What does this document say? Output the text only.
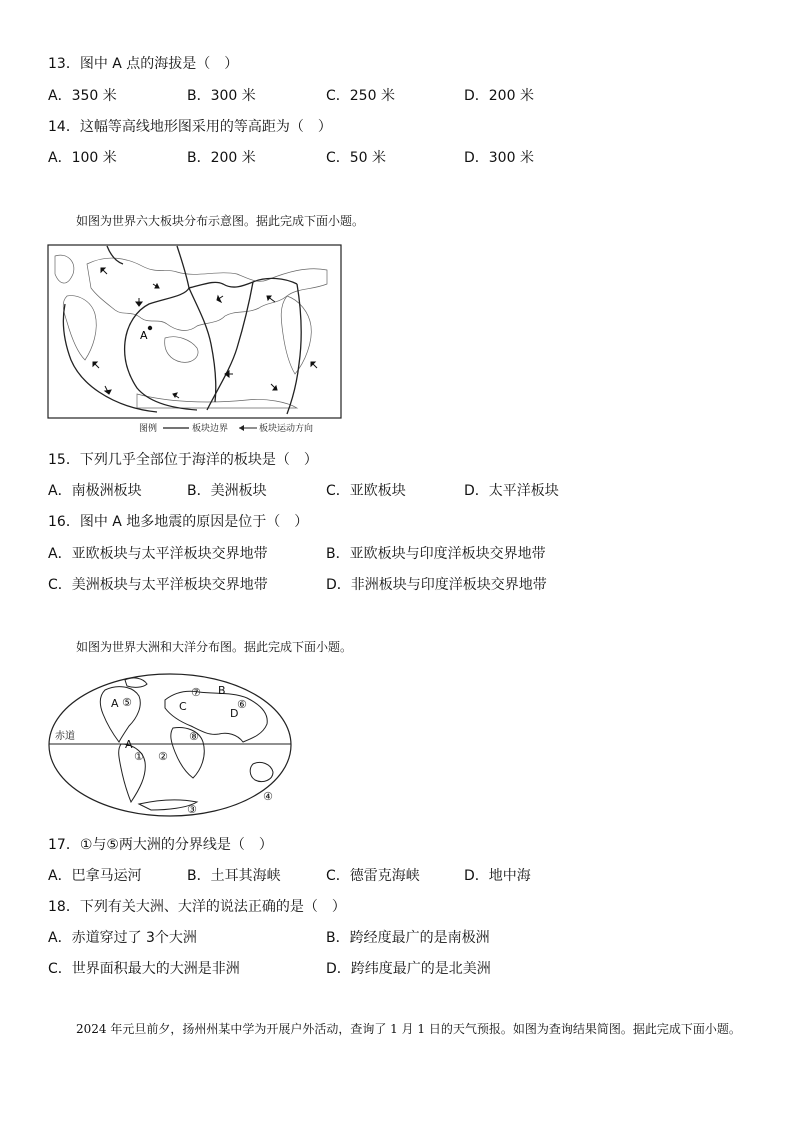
13．图中 A 点的海拔是（　）
A．350 米	B．300 米	C．250 米	D．200 米
14．这幅等高线地形图采用的等高距为（　）
A．100 米	B．200 米	C．50 米	D．300 米
如图为世界六大板块分布示意图。据此完成下面小题。
A
图例	板块边界	板块运动方向
15．下列几乎全部位于海洋的板块是（　）
A．南极洲板块	B．美洲板块	C．亚欧板块	D．太平洋板块
16．图中 A 地多地震的原因是位于（　）
A．亚欧板块与太平洋板块交界地带	B．亚欧板块与印度洋板块交界地带
C．美洲板块与太平洋板块交界地带	D．非洲板块与印度洋板块交界地带
如图为世界大洲和大洋分布图。据此完成下面小题。
赤道
A ⑤
A
① ②
⑦ B
C
D
⑥
⑧
④
③
17．①与⑤两大洲的分界线是（　）
A．巴拿马运河	B．土耳其海峡	C．德雷克海峡	D．地中海
18．下列有关大洲、大洋的说法正确的是（　）
A．赤道穿过了 3个大洲	B．跨经度最广的是南极洲
C．世界面积最大的大洲是非洲	D．跨纬度最广的是北美洲
2024 年元旦前夕，扬州州某中学为开展户外活动，查询了 1 月 1 日的天气预报。如图为查询结果简图。据此完成下面小题。
